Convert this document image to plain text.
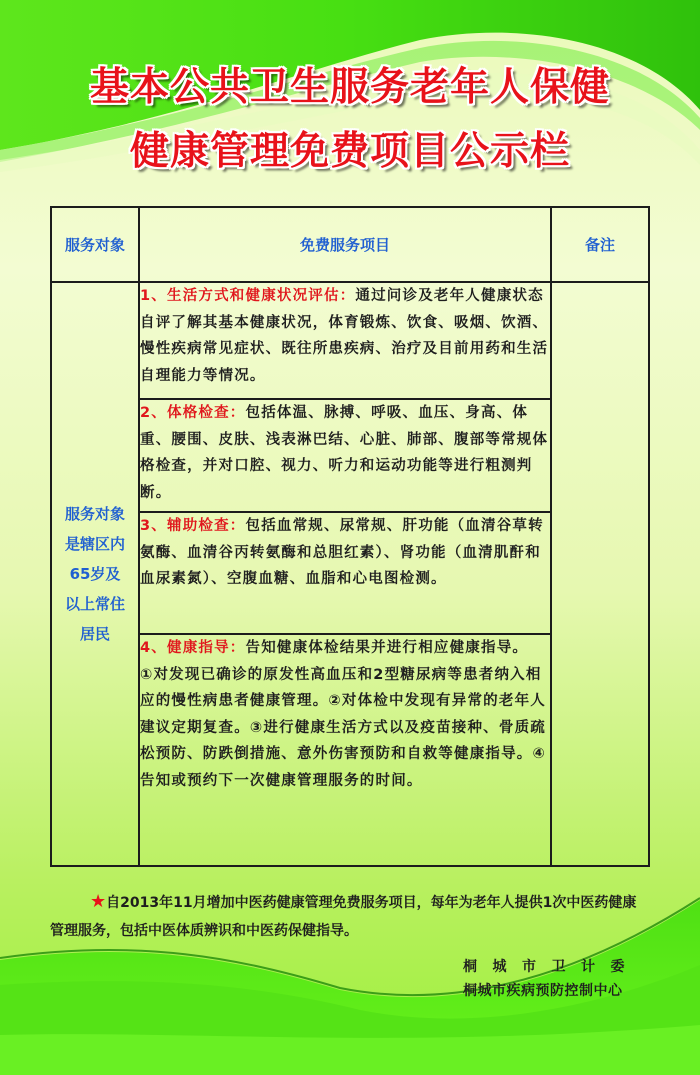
基本公共卫生服务老年人保健
健康管理免费项目公示栏
服务对象	免费服务项目	备注

服务对象
是辖区内
65岁及
以上常住
居民	1、生活方式和健康状况评估：通过问诊及老年人健康状态自评了解其基本健康状况，体育锻炼、饮食、吸烟、饮酒、慢性疾病常见症状、既往所患疾病、治疗及目前用药和生活自理能力等情况。	
	2、体格检查：包括体温、脉搏、呼吸、血压、身高、体重、腰围、皮肤、浅表淋巴结、心脏、肺部、腹部等常规体格检查，并对口腔、视力、听力和运动功能等进行粗测判断。	
	3、辅助检查：包括血常规、尿常规、肝功能（血清谷草转氨酶、血清谷丙转氨酶和总胆红素）、肾功能（血清肌酐和血尿素氮）、空腹血糖、血脂和心电图检测。	
	4、健康指导：告知健康体检结果并进行相应健康指导。
①对发现已确诊的原发性高血压和2型糖尿病等患者纳入相应的慢性病患者健康管理。②对体检中发现有异常的老年人建议定期复查。③进行健康生活方式以及疫苗接种、骨质疏松预防、防跌倒措施、意外伤害预防和自救等健康指导。④告知或预约下一次健康管理服务的时间。	
★自2013年11月增加中医药健康管理免费服务项目，每年为老年人提供1次中医药健康管理服务，包括中医体质辨识和中医药保健指导。
桐城市卫计委
桐城市疾病预防控制中心
